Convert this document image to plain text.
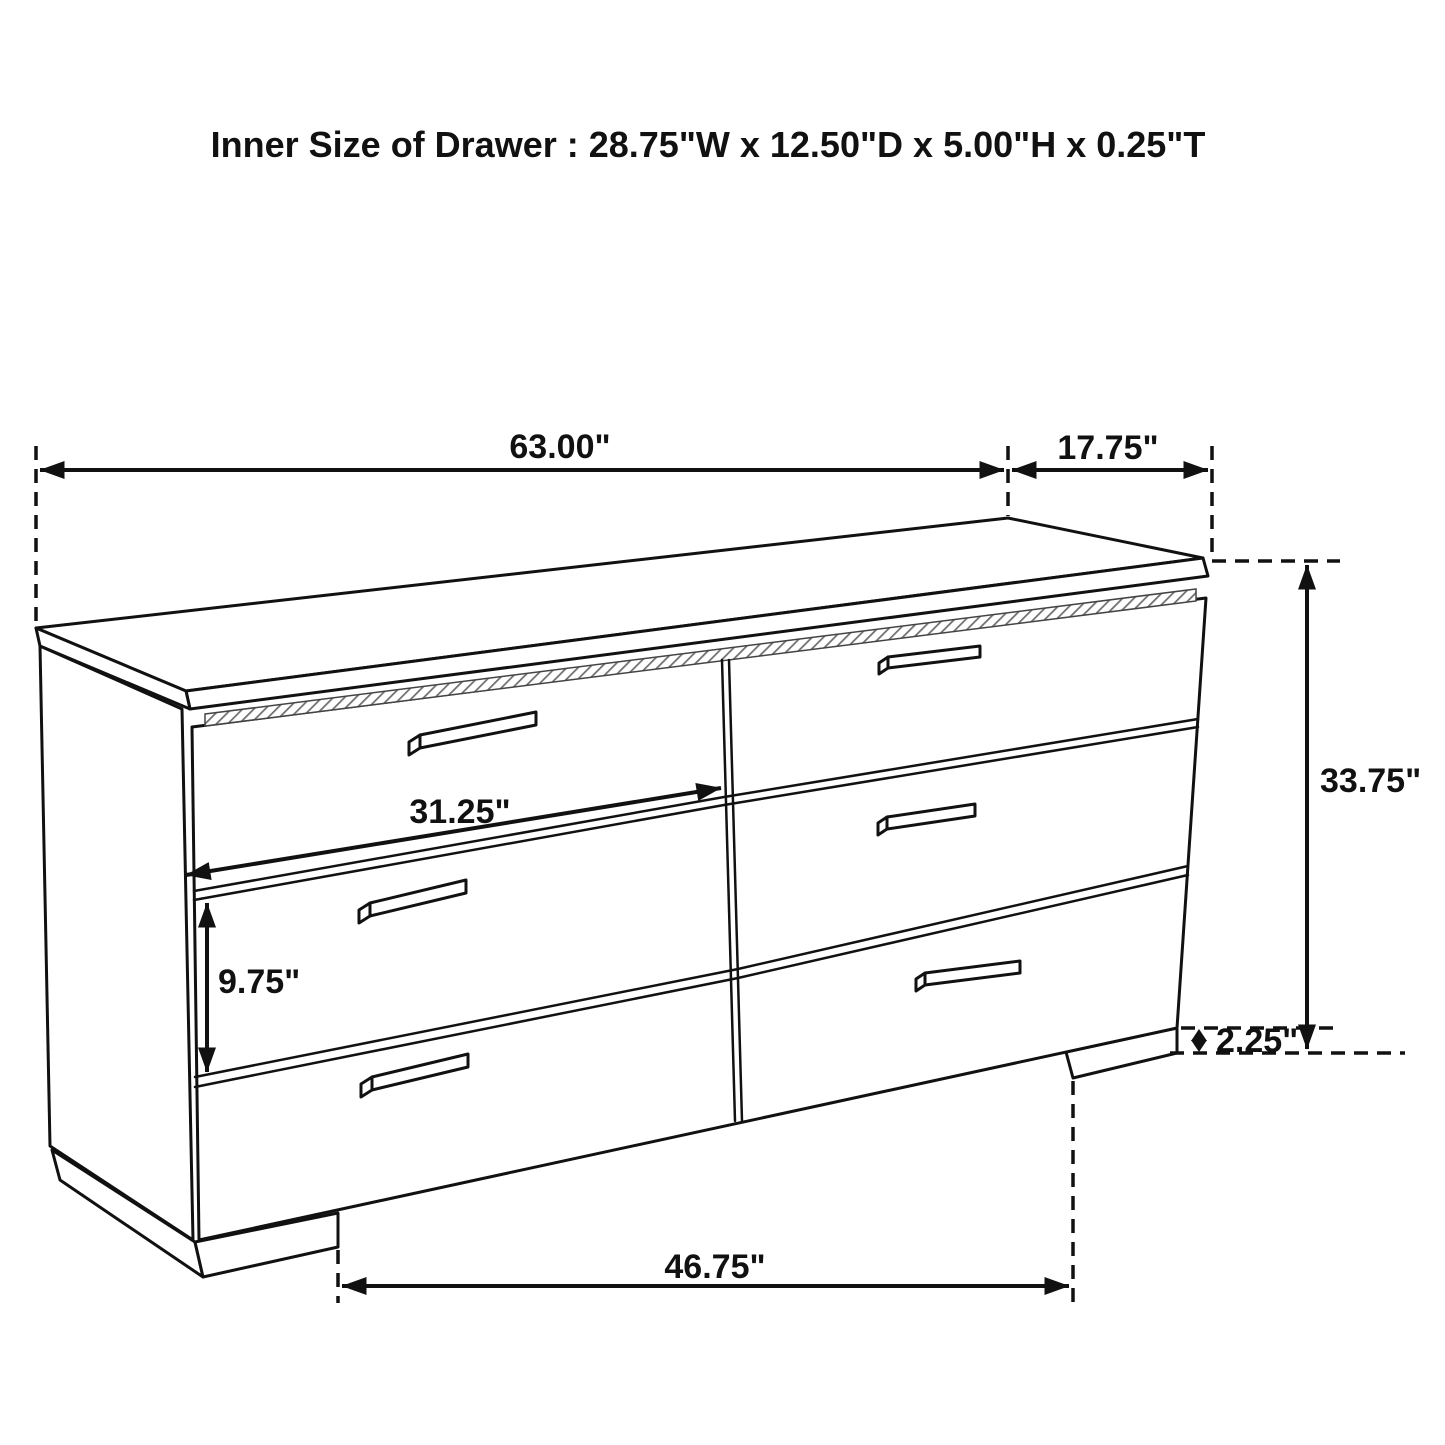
63.00"	17.75"
33.75"
2.25"
31.25"
9.75"
46.75"
Inner Size of Drawer : 28.75"W x 12.50"D x 5.00"H x 0.25"T
